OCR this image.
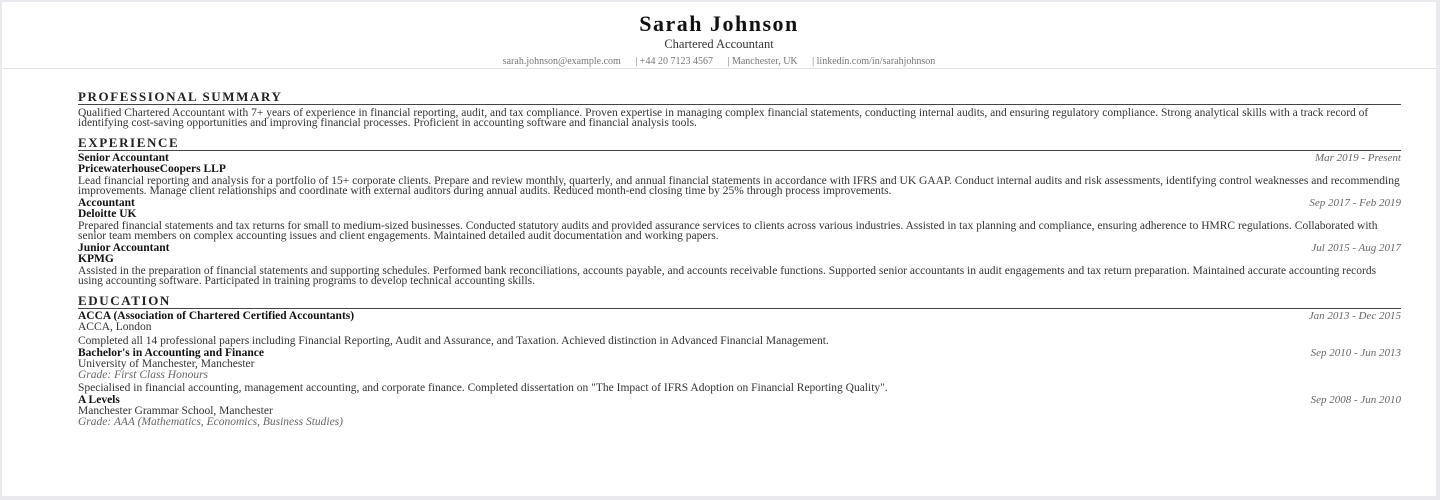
Sarah Johnson
Chartered Accountant
sarah.johnson@example.com | +44 20 7123 4567 | Manchester, UK | linkedin.com/in/sarahjohnson
PROFESSIONAL SUMMARY

Qualified Chartered Accountant with 7+ years of experience in financial reporting, audit, and tax compliance. Proven expertise in managing complex financial statements, conducting internal audits, and ensuring regulatory compliance. Strong analytical skills with a track record of identifying cost-saving opportunities and improving financial processes. Proficient in accounting software and financial analysis tools.

EXPERIENCE
Senior Accountant	Mar 2019 - Present
PricewaterhouseCoopers LLP

Lead financial reporting and analysis for a portfolio of 15+ corporate clients. Prepare and review monthly, quarterly, and annual financial statements in accordance with IFRS and UK GAAP. Conduct internal audits and risk assessments, identifying control weaknesses and recommending improvements. Manage client relationships and coordinate with external auditors during annual audits. Reduced month-end closing time by 25% through process improvements.

Accountant	Sep 2017 - Feb 2019
Deloitte UK

Prepared financial statements and tax returns for small to medium-sized businesses. Conducted statutory audits and provided assurance services to clients across various industries. Assisted in tax planning and compliance, ensuring adherence to HMRC regulations. Collaborated with senior team members on complex accounting issues and client engagements. Maintained detailed audit documentation and working papers.

Junior Accountant	Jul 2015 - Aug 2017
KPMG

Assisted in the preparation of financial statements and supporting schedules. Performed bank reconciliations, accounts payable, and accounts receivable functions. Supported senior accountants in audit engagements and tax return preparation. Maintained accurate accounting records using accounting software. Participated in training programs to develop technical accounting skills.

EDUCATION
ACCA (Association of Chartered Certified Accountants)	Jan 2013 - Dec 2015
ACCA, London

Completed all 14 professional papers including Financial Reporting, Audit and Assurance, and Taxation. Achieved distinction in Advanced Financial Management.

Bachelor's in Accounting and Finance	Sep 2010 - Jun 2013
University of Manchester, Manchester
Grade: First Class Honours

Specialised in financial accounting, management accounting, and corporate finance. Completed dissertation on "The Impact of IFRS Adoption on Financial Reporting Quality".

A Levels	Sep 2008 - Jun 2010
Manchester Grammar School, Manchester
Grade: AAA (Mathematics, Economics, Business Studies)
